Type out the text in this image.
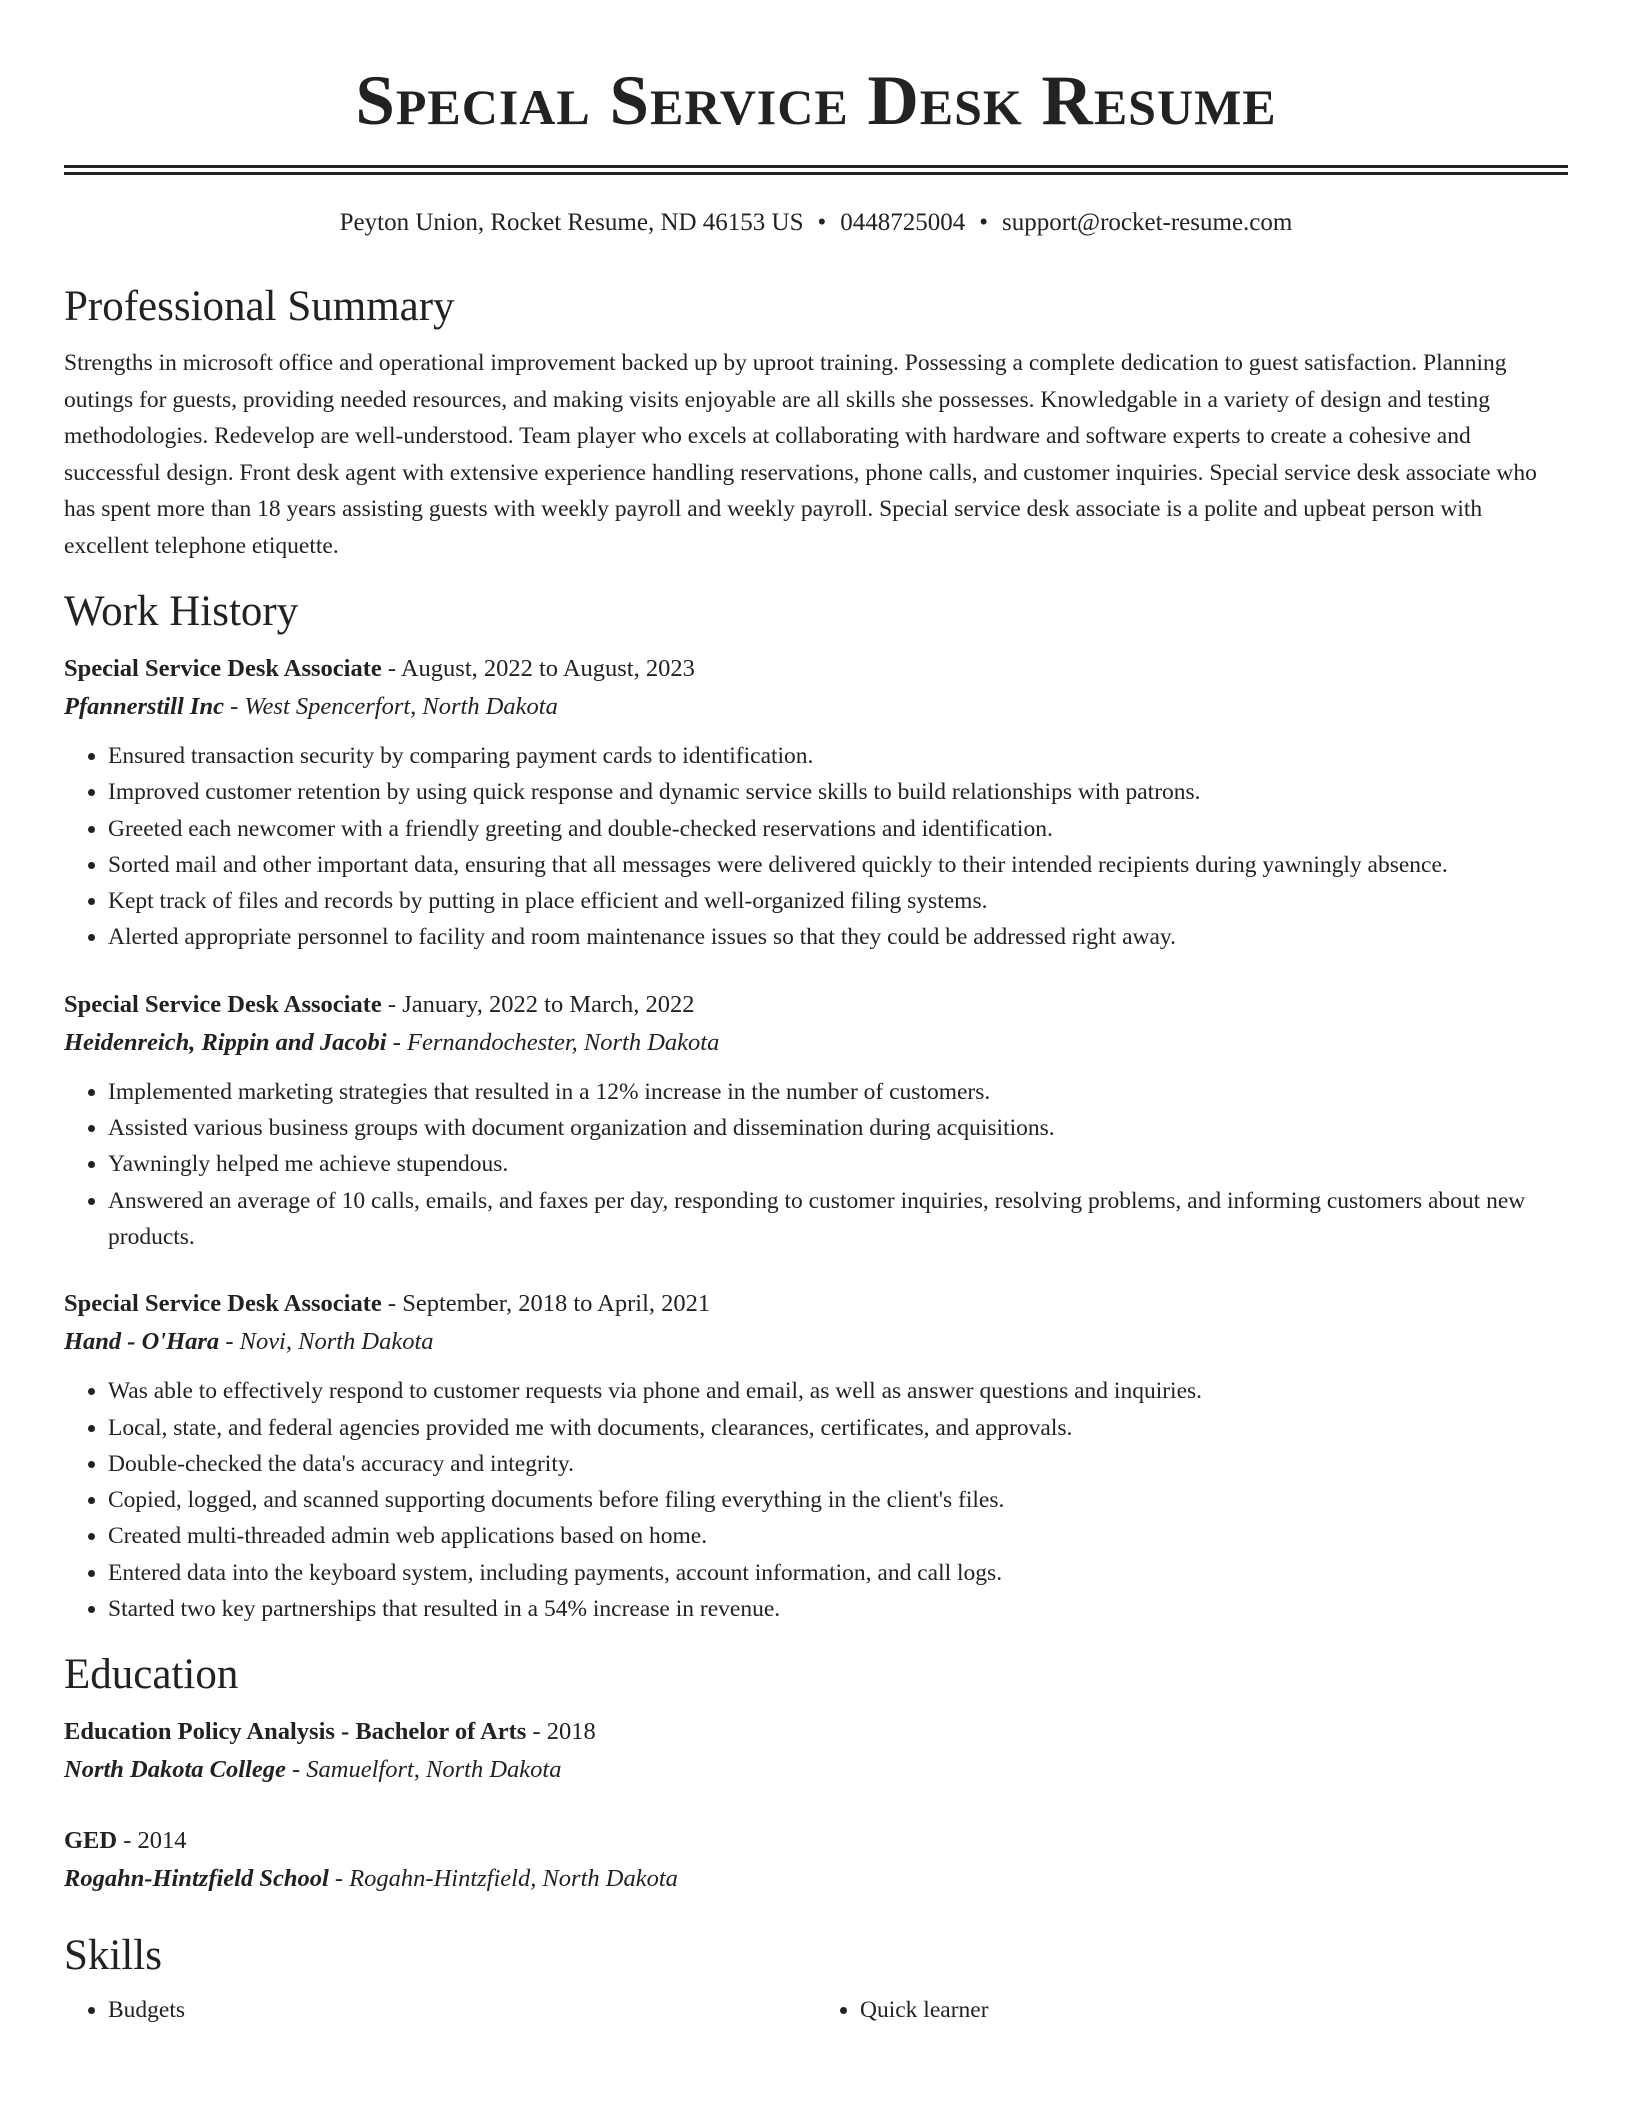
Special Service Desk Resume
Peyton Union, Rocket Resume, ND 46153 US • 0448725004 • support@rocket-resume.com
Professional Summary

Strengths in microsoft office and operational improvement backed up by uproot training. Possessing a complete dedication to guest satisfaction. Planning outings for guests, providing needed resources, and making visits enjoyable are all skills she possesses. Knowledgable in a variety of design and testing methodologies. Redevelop are well-understood. Team player who excels at collaborating with hardware and software experts to create a cohesive and successful design. Front desk agent with extensive experience handling reservations, phone calls, and customer inquiries. Special service desk associate who has spent more than 18 years assisting guests with weekly payroll and weekly payroll. Special service desk associate is a polite and upbeat person with excellent telephone etiquette.

Work History
Special Service Desk Associate - August, 2022 to August, 2023
Pfannerstill Inc - West Spencerfort, North Dakota
• Ensured transaction security by comparing payment cards to identification.
• Improved customer retention by using quick response and dynamic service skills to build relationships with patrons.
• Greeted each newcomer with a friendly greeting and double-checked reservations and identification.
• Sorted mail and other important data, ensuring that all messages were delivered quickly to their intended recipients during yawningly absence.
• Kept track of files and records by putting in place efficient and well-organized filing systems.
• Alerted appropriate personnel to facility and room maintenance issues so that they could be addressed right away.
Special Service Desk Associate - January, 2022 to March, 2022
Heidenreich, Rippin and Jacobi - Fernandochester, North Dakota
• Implemented marketing strategies that resulted in a 12% increase in the number of customers.
• Assisted various business groups with document organization and dissemination during acquisitions.
• Yawningly helped me achieve stupendous.
• Answered an average of 10 calls, emails, and faxes per day, responding to customer inquiries, resolving problems, and informing customers about new products.
Special Service Desk Associate - September, 2018 to April, 2021
Hand - O'Hara - Novi, North Dakota
• Was able to effectively respond to customer requests via phone and email, as well as answer questions and inquiries.
• Local, state, and federal agencies provided me with documents, clearances, certificates, and approvals.
• Double-checked the data's accuracy and integrity.
• Copied, logged, and scanned supporting documents before filing everything in the client's files.
• Created multi-threaded admin web applications based on home.
• Entered data into the keyboard system, including payments, account information, and call logs.
• Started two key partnerships that resulted in a 54% increase in revenue.
Education
Education Policy Analysis - Bachelor of Arts - 2018
North Dakota College - Samuelfort, North Dakota
GED - 2014
Rogahn-Hintzfield School - Rogahn-Hintzfield, North Dakota
Skills
• Budgets
•	Quick learner
